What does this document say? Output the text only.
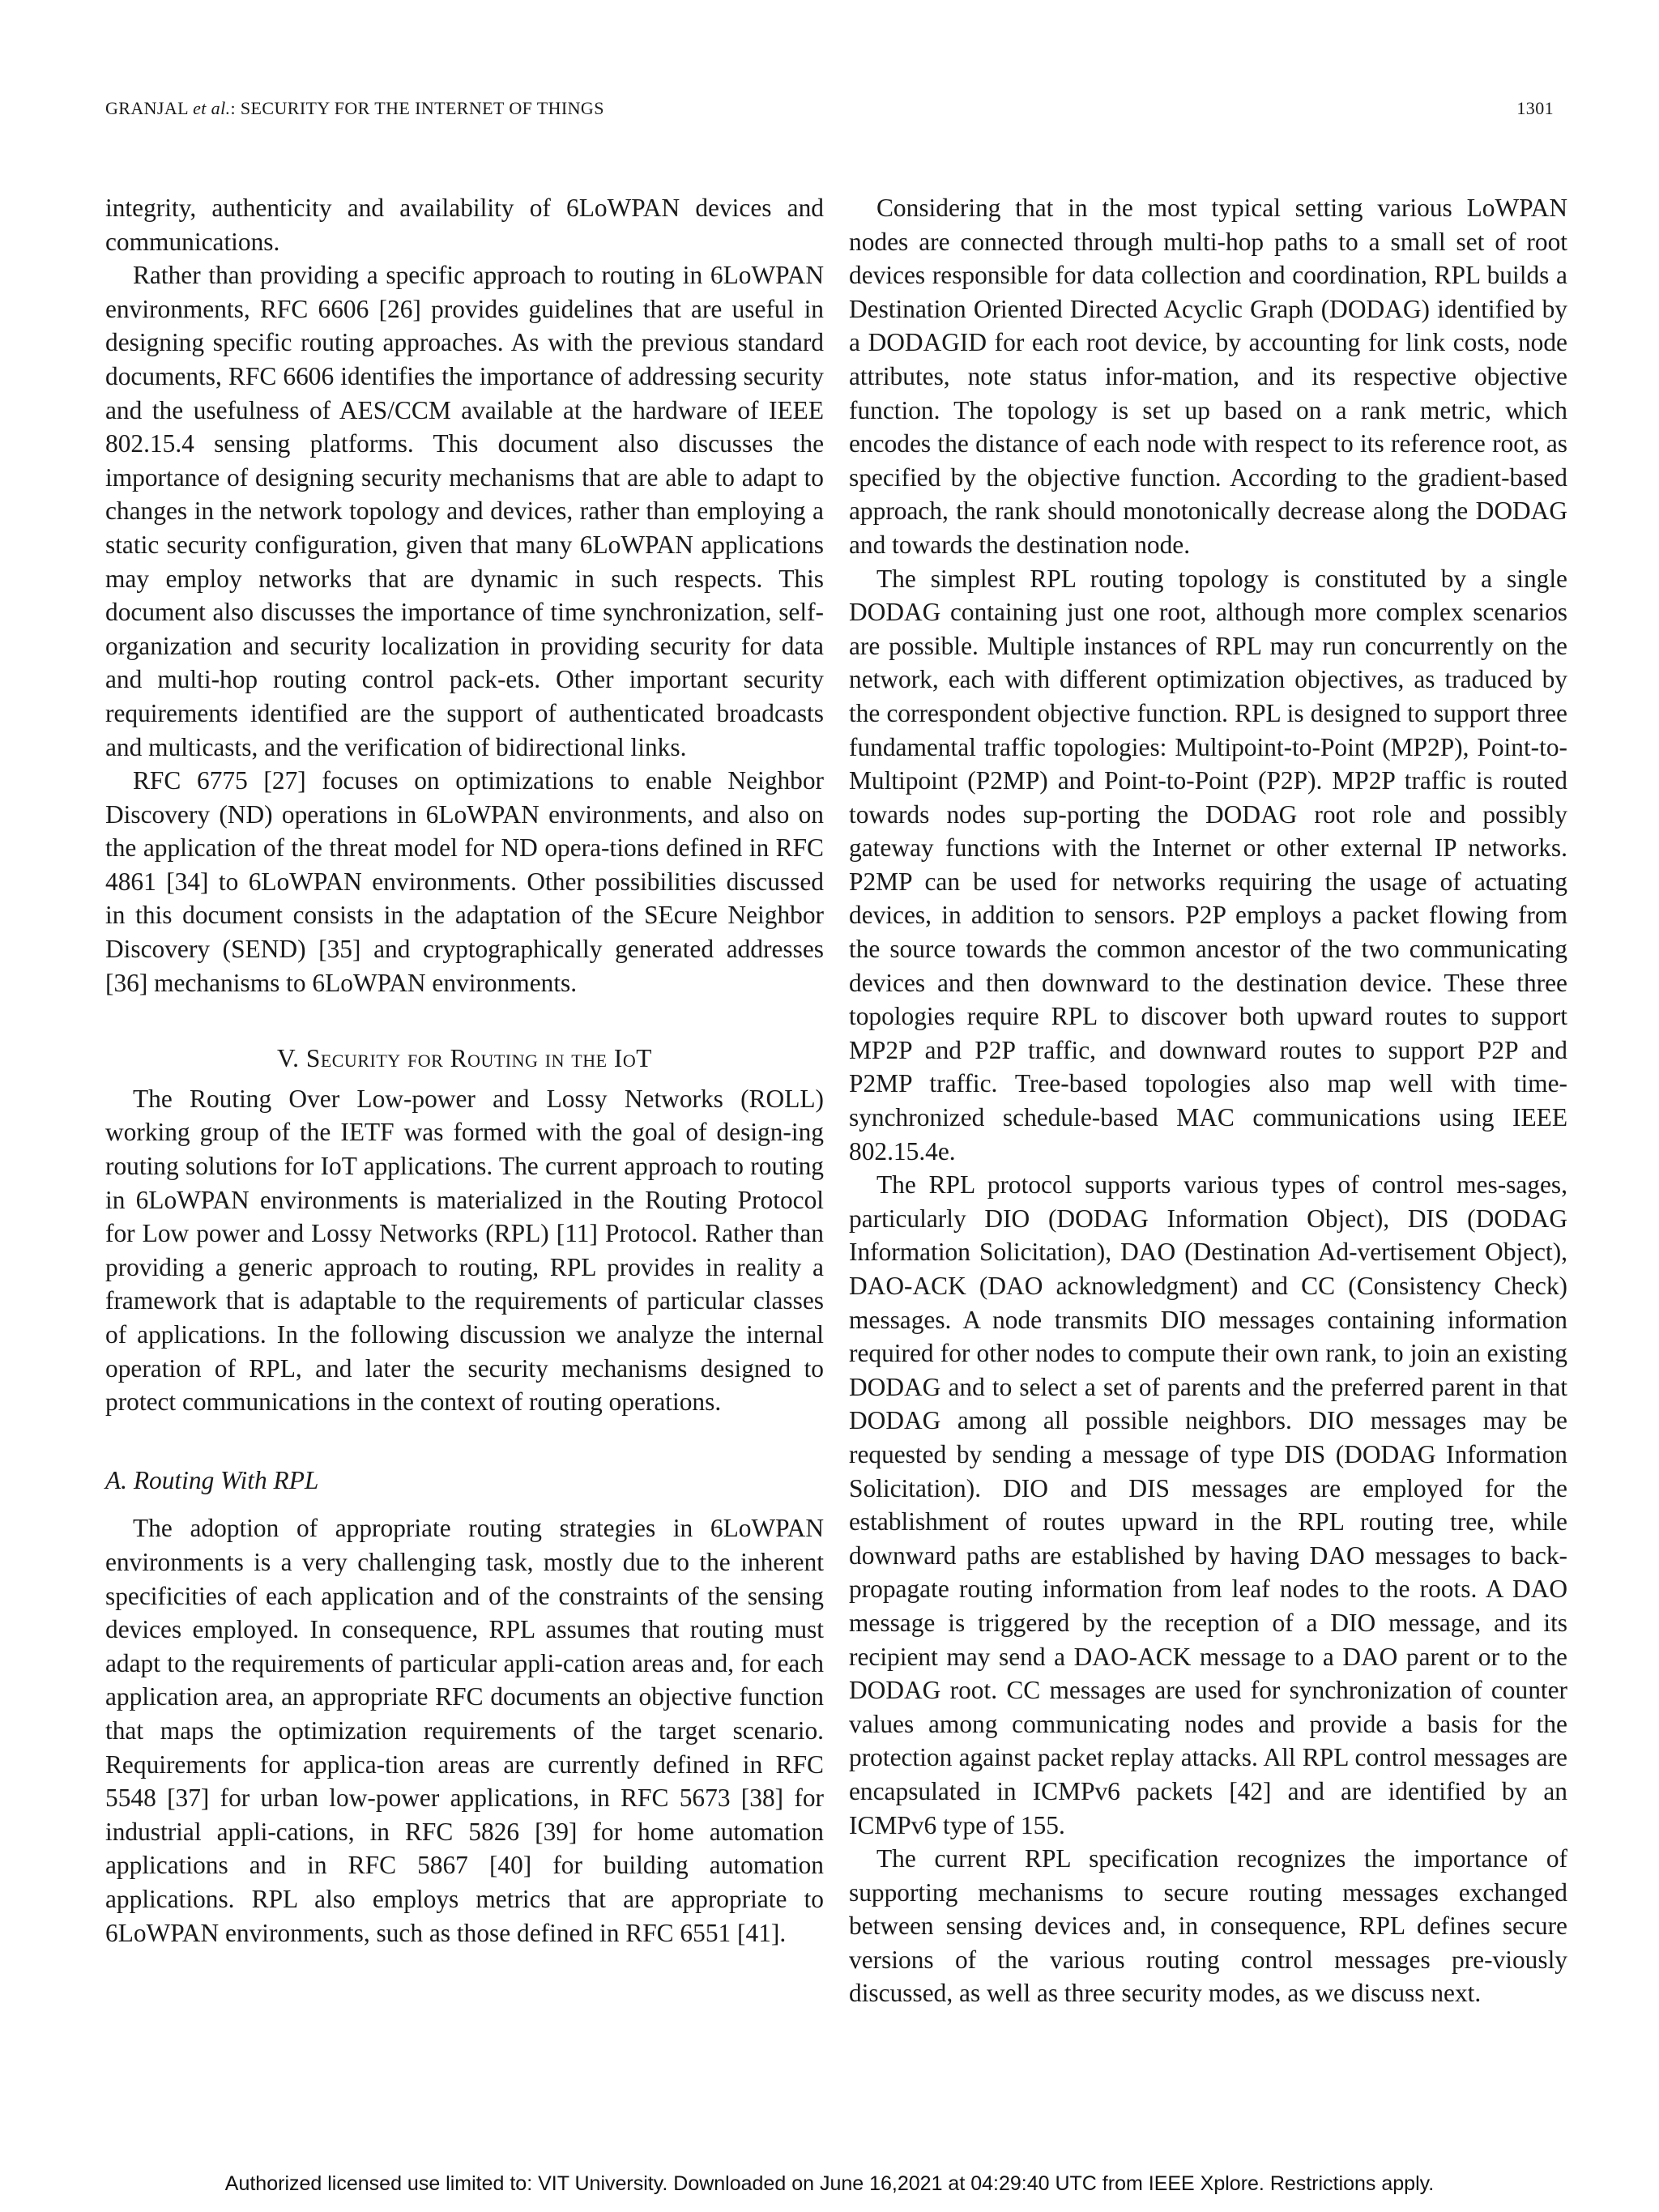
GRANJAL et al.: SECURITY FOR THE INTERNET OF THINGS	1301

integrity, authenticity and availability of 6LoWPAN devices and communications.

Rather than providing a specific approach to routing in 6LoWPAN environments, RFC 6606 [26] provides guidelines that are useful in designing specific routing approaches. As with the previous standard documents, RFC 6606 identifies the importance of addressing security and the usefulness of AES/CCM available at the hardware of IEEE 802.15.4 sensing platforms. This document also discusses the importance of designing security mechanisms that are able to adapt to changes in the network topology and devices, rather than employing a static security configuration, given that many 6LoWPAN applications may employ networks that are dynamic in such respects. This document also discusses the importance of time synchronization, self-organization and security localization in providing security for data and multi-hop routing control pack-ets. Other important security requirements identified are the support of authenticated broadcasts and multicasts, and the verification of bidirectional links.

RFC 6775 [27] focuses on optimizations to enable Neighbor Discovery (ND) operations in 6LoWPAN environments, and also on the application of the threat model for ND opera-tions defined in RFC 4861 [34] to 6LoWPAN environments. Other possibilities discussed in this document consists in the adaptation of the SEcure Neighbor Discovery (SEND) [35] and cryptographically generated addresses [36] mechanisms to 6LoWPAN environments.

V. Security for Routing in the IoT

The Routing Over Low-power and Lossy Networks (ROLL) working group of the IETF was formed with the goal of design-ing routing solutions for IoT applications. The current approach to routing in 6LoWPAN environments is materialized in the Routing Protocol for Low power and Lossy Networks (RPL) [11] Protocol. Rather than providing a generic approach to routing, RPL provides in reality a framework that is adaptable to the requirements of particular classes of applications. In the following discussion we analyze the internal operation of RPL, and later the security mechanisms designed to protect communications in the context of routing operations.

A. Routing With RPL

The adoption of appropriate routing strategies in 6LoWPAN environments is a very challenging task, mostly due to the inherent specificities of each application and of the constraints of the sensing devices employed. In consequence, RPL assumes that routing must adapt to the requirements of particular appli-cation areas and, for each application area, an appropriate RFC documents an objective function that maps the optimization requirements of the target scenario. Requirements for applica-tion areas are currently defined in RFC 5548 [37] for urban low-power applications, in RFC 5673 [38] for industrial appli-cations, in RFC 5826 [39] for home automation applications and in RFC 5867 [40] for building automation applications. RPL also employs metrics that are appropriate to 6LoWPAN environments, such as those defined in RFC 6551 [41].

Considering that in the most typical setting various LoWPAN nodes are connected through multi-hop paths to a small set of root devices responsible for data collection and coordination, RPL builds a Destination Oriented Directed Acyclic Graph (DODAG) identified by a DODAGID for each root device, by accounting for link costs, node attributes, note status infor-mation, and its respective objective function. The topology is set up based on a rank metric, which encodes the distance of each node with respect to its reference root, as specified by the objective function. According to the gradient-based approach, the rank should monotonically decrease along the DODAG and towards the destination node.

The simplest RPL routing topology is constituted by a single DODAG containing just one root, although more complex scenarios are possible. Multiple instances of RPL may run concurrently on the network, each with different optimization objectives, as traduced by the correspondent objective function. RPL is designed to support three fundamental traffic topologies: Multipoint-to-Point (MP2P), Point-to-Multipoint (P2MP) and Point-to-Point (P2P). MP2P traffic is routed towards nodes sup-porting the DODAG root role and possibly gateway functions with the Internet or other external IP networks. P2MP can be used for networks requiring the usage of actuating devices, in addition to sensors. P2P employs a packet flowing from the source towards the common ancestor of the two communicating devices and then downward to the destination device. These three topologies require RPL to discover both upward routes to support MP2P and P2P traffic, and downward routes to support P2P and P2MP traffic. Tree-based topologies also map well with time-synchronized schedule-based MAC communications using IEEE 802.15.4e.

The RPL protocol supports various types of control mes-sages, particularly DIO (DODAG Information Object), DIS (DODAG Information Solicitation), DAO (Destination Ad-vertisement Object), DAO-ACK (DAO acknowledgment) and CC (Consistency Check) messages. A node transmits DIO messages containing information required for other nodes to compute their own rank, to join an existing DODAG and to select a set of parents and the preferred parent in that DODAG among all possible neighbors. DIO messages may be requested by sending a message of type DIS (DODAG Information Solicitation). DIO and DIS messages are employed for the establishment of routes upward in the RPL routing tree, while downward paths are established by having DAO messages to back-propagate routing information from leaf nodes to the roots. A DAO message is triggered by the reception of a DIO message, and its recipient may send a DAO-ACK message to a DAO parent or to the DODAG root. CC messages are used for synchronization of counter values among communicating nodes and provide a basis for the protection against packet replay attacks. All RPL control messages are encapsulated in ICMPv6 packets [42] and are identified by an ICMPv6 type of 155.

The current RPL specification recognizes the importance of supporting mechanisms to secure routing messages exchanged between sensing devices and, in consequence, RPL defines secure versions of the various routing control messages pre-viously discussed, as well as three security modes, as we discuss next.

Authorized licensed use limited to: VIT University. Downloaded on June 16,2021 at 04:29:40 UTC from IEEE Xplore. Restrictions apply.
